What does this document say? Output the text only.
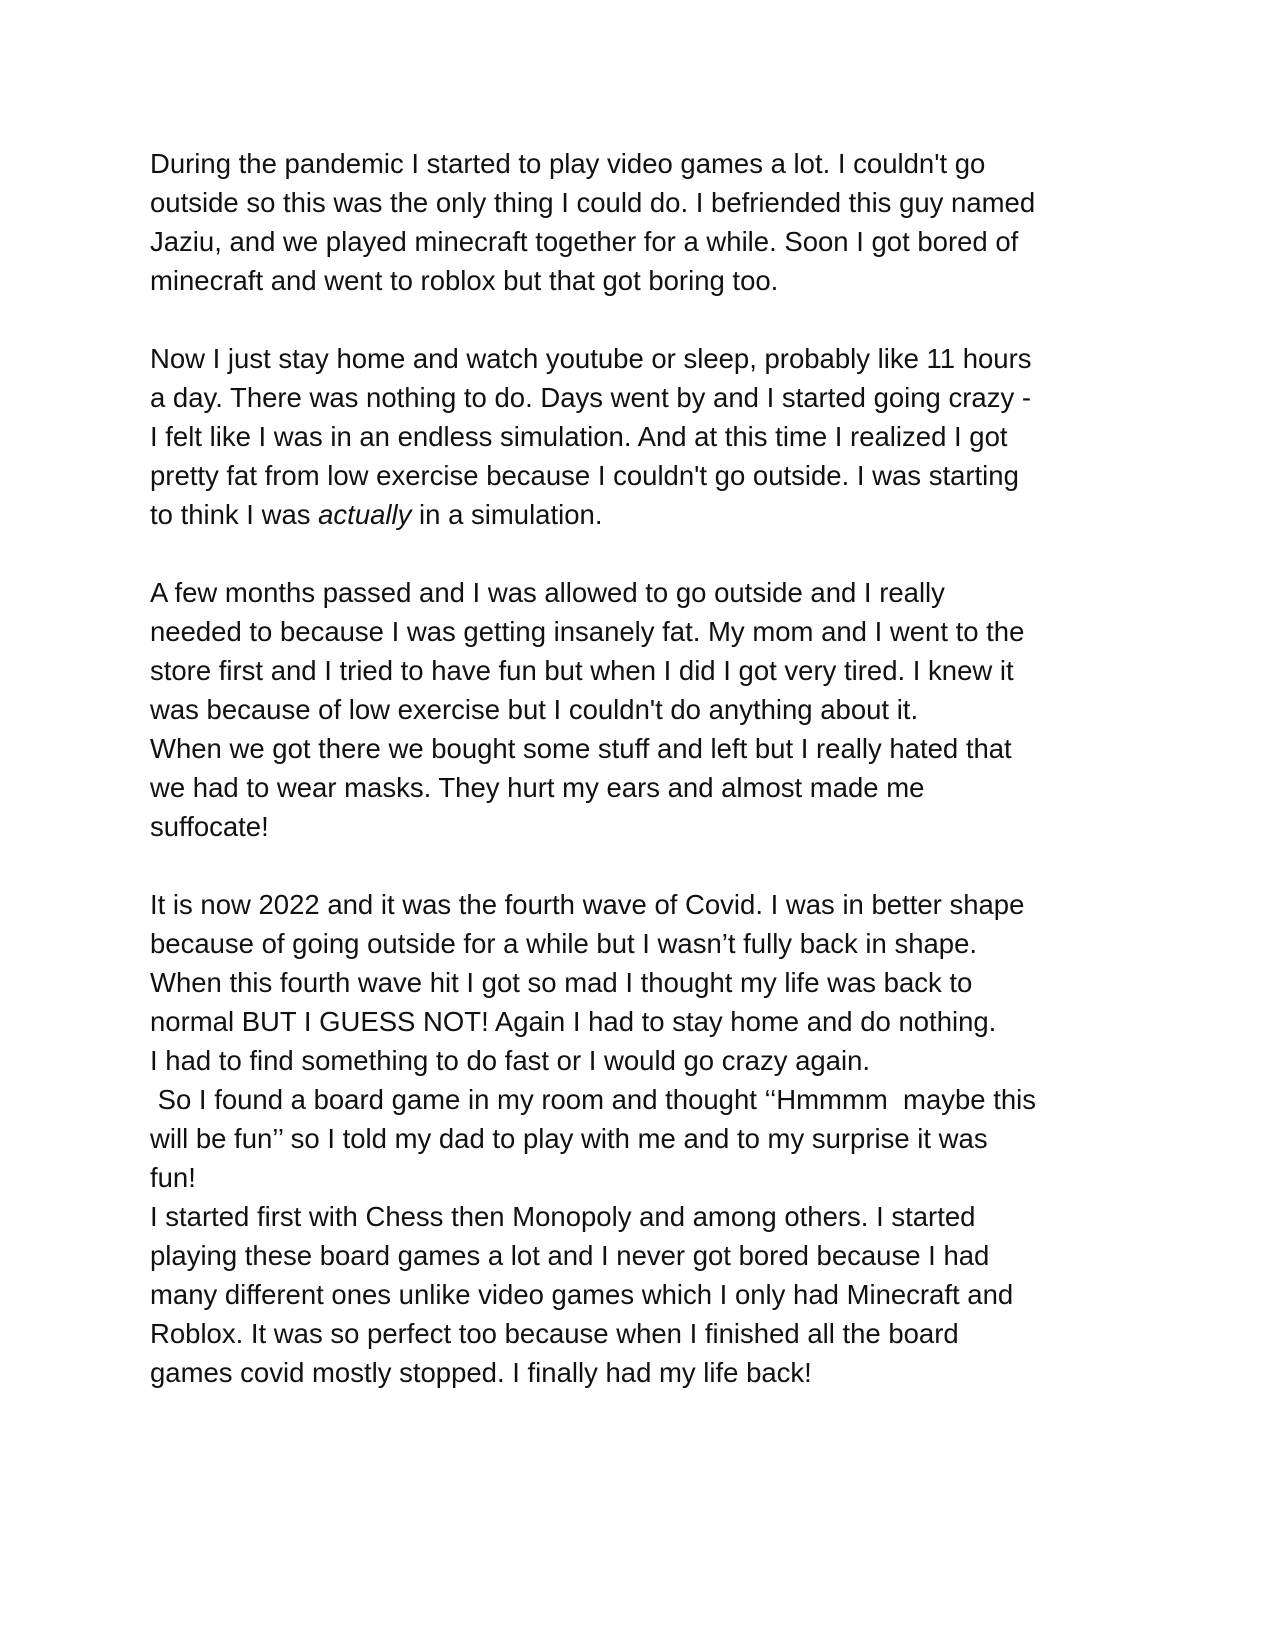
During the pandemic I started to play video games a lot. I couldn't go
outside so this was the only thing I could do. I befriended this guy named
Jaziu, and we played minecraft together for a while. Soon I got bored of
minecraft and went to roblox but that got boring too.
Now I just stay home and watch youtube or sleep, probably like 11 hours
a day. There was nothing to do. Days went by and I started going crazy -
I felt like I was in an endless simulation. And at this time I realized I got
pretty fat from low exercise because I couldn't go outside. I was starting
to think I was actually in a simulation.
A few months passed and I was allowed to go outside and I really
needed to because I was getting insanely fat. My mom and I went to the
store first and I tried to have fun but when I did I got very tired. I knew it
was because of low exercise but I couldn't do anything about it.
When we got there we bought some stuff and left but I really hated that
we had to wear masks. They hurt my ears and almost made me
suffocate!
It is now 2022 and it was the fourth wave of Covid. I was in better shape
because of going outside for a while but I wasn’t fully back in shape.
When this fourth wave hit I got so mad I thought my life was back to
normal BUT I GUESS NOT! Again I had to stay home and do nothing.
I had to find something to do fast or I would go crazy again.
So I found a board game in my room and thought ‘‘Hmmmm  maybe this
will be fun’’ so I told my dad to play with me and to my surprise it was
fun!
I started first with Chess then Monopoly and among others. I started
playing these board games a lot and I never got bored because I had
many different ones unlike video games which I only had Minecraft and
Roblox. It was so perfect too because when I finished all the board
games covid mostly stopped. I finally had my life back!
